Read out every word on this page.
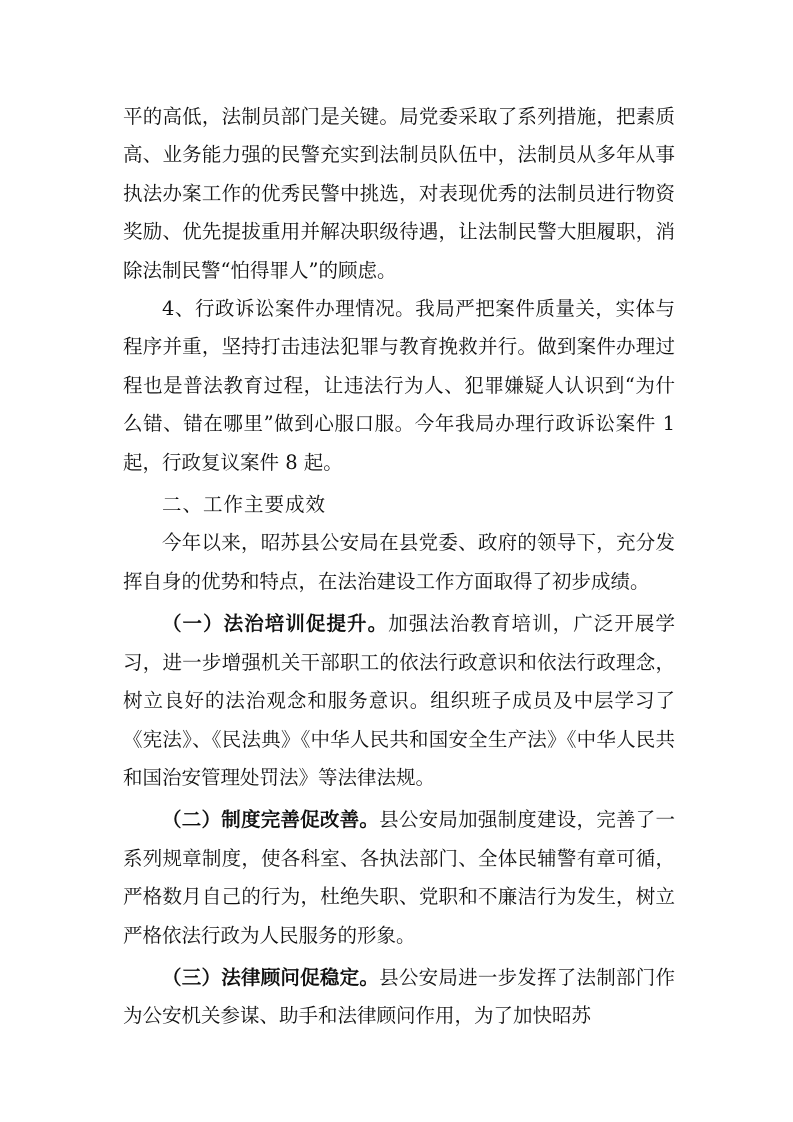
平的高低，法制员部门是关键。局党委采取了系列措施，把素质高、业务能力强的民警充实到法制员队伍中，法制员从多年从事执法办案工作的优秀民警中挑选，对表现优秀的法制员进行物资奖励、优先提拔重用并解决职级待遇，让法制民警大胆履职，消除法制民警“怕得罪人”的顾虑。

4、行政诉讼案件办理情况。我局严把案件质量关，实体与程序并重，坚持打击违法犯罪与教育挽救并行。做到案件办理过程也是普法教育过程，让违法行为人、犯罪嫌疑人认识到“为什么错、错在哪里”做到心服口服。今年我局办理行政诉讼案件 1 起，行政复议案件 8 起。

二、工作主要成效

今年以来，昭苏县公安局在县党委、政府的领导下，充分发挥自身的优势和特点，在法治建设工作方面取得了初步成绩。

（一）法治培训促提升。加强法治教育培训，广泛开展学习，进一步增强机关干部职工的依法行政意识和依法行政理念，树立良好的法治观念和服务意识。组织班子成员及中层学习了《宪法》、《民法典》《中华人民共和国安全生产法》《中华人民共和国治安管理处罚法》等法律法规。

（二）制度完善促改善。县公安局加强制度建设，完善了一系列规章制度，使各科室、各执法部门、全体民辅警有章可循，严格数月自己的行为，杜绝失职、党职和不廉洁行为发生，树立严格依法行政为人民服务的形象。

（三）法律顾问促稳定。县公安局进一步发挥了法制部门作为公安机关参谋、助手和法律顾问作用，为了加快昭苏
